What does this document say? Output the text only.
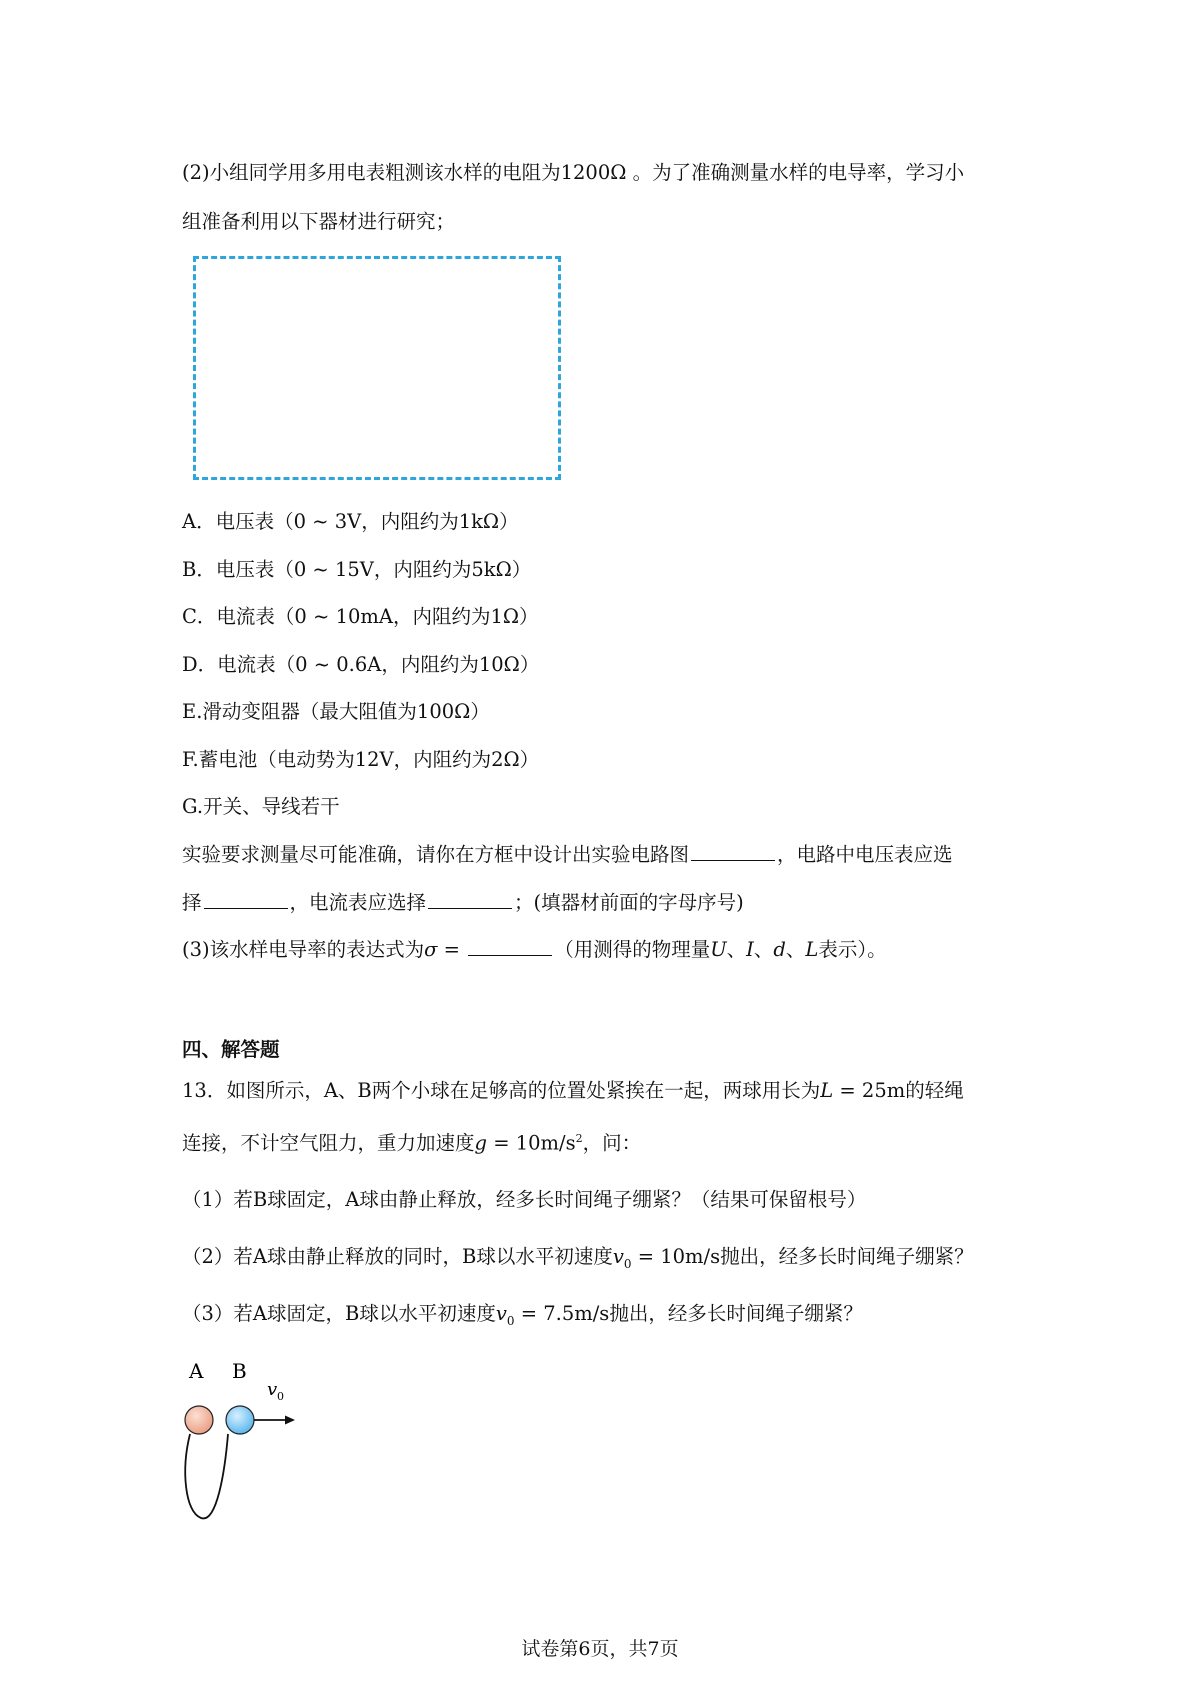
(2)小组同学用多用电表粗测该水样的电阻为1200Ω 。为了准确测量水样的电导率，学习小
组准备利用以下器材进行研究；
A．电压表（0 ~ 3V，内阻约为1kΩ）
B．电压表（0 ~ 15V，内阻约为5kΩ）
C．电流表（0 ~ 10mA，内阻约为1Ω）
D．电流表（0 ~ 0.6A，内阻约为10Ω）
E.滑动变阻器（最大阻值为100Ω）
F.蓄电池（电动势为12V，内阻约为2Ω）
G.开关、导线若干
实验要求测量尽可能准确，请你在方框中设计出实验电路图	，电路中电压表应选
择	，电流表应选择	；(填器材前面的字母序号)
(3)该水样电导率的表达式为σ =	（用测得的物理量U、I、d、L表示）。
四、解答题
13．如图所示，A、B两个小球在足够高的位置处紧挨在一起，两球用长为L = 25m的轻绳
连接，不计空气阻力，重力加速度$g = 10m/s^2$，问：
（1）若B球固定，A球由静止释放，经多长时间绳子绷紧？（结果可保留根号）
（2）若A球由静止释放的同时，B球以水平初速度$v_0 = 10m/s$抛出，经多长时间绳子绷紧？
（3）若A球固定，B球以水平初速度$v_0 = 7.5m/s$抛出，经多长时间绳子绷紧？
A B
v 0
试卷第6页，共7页
